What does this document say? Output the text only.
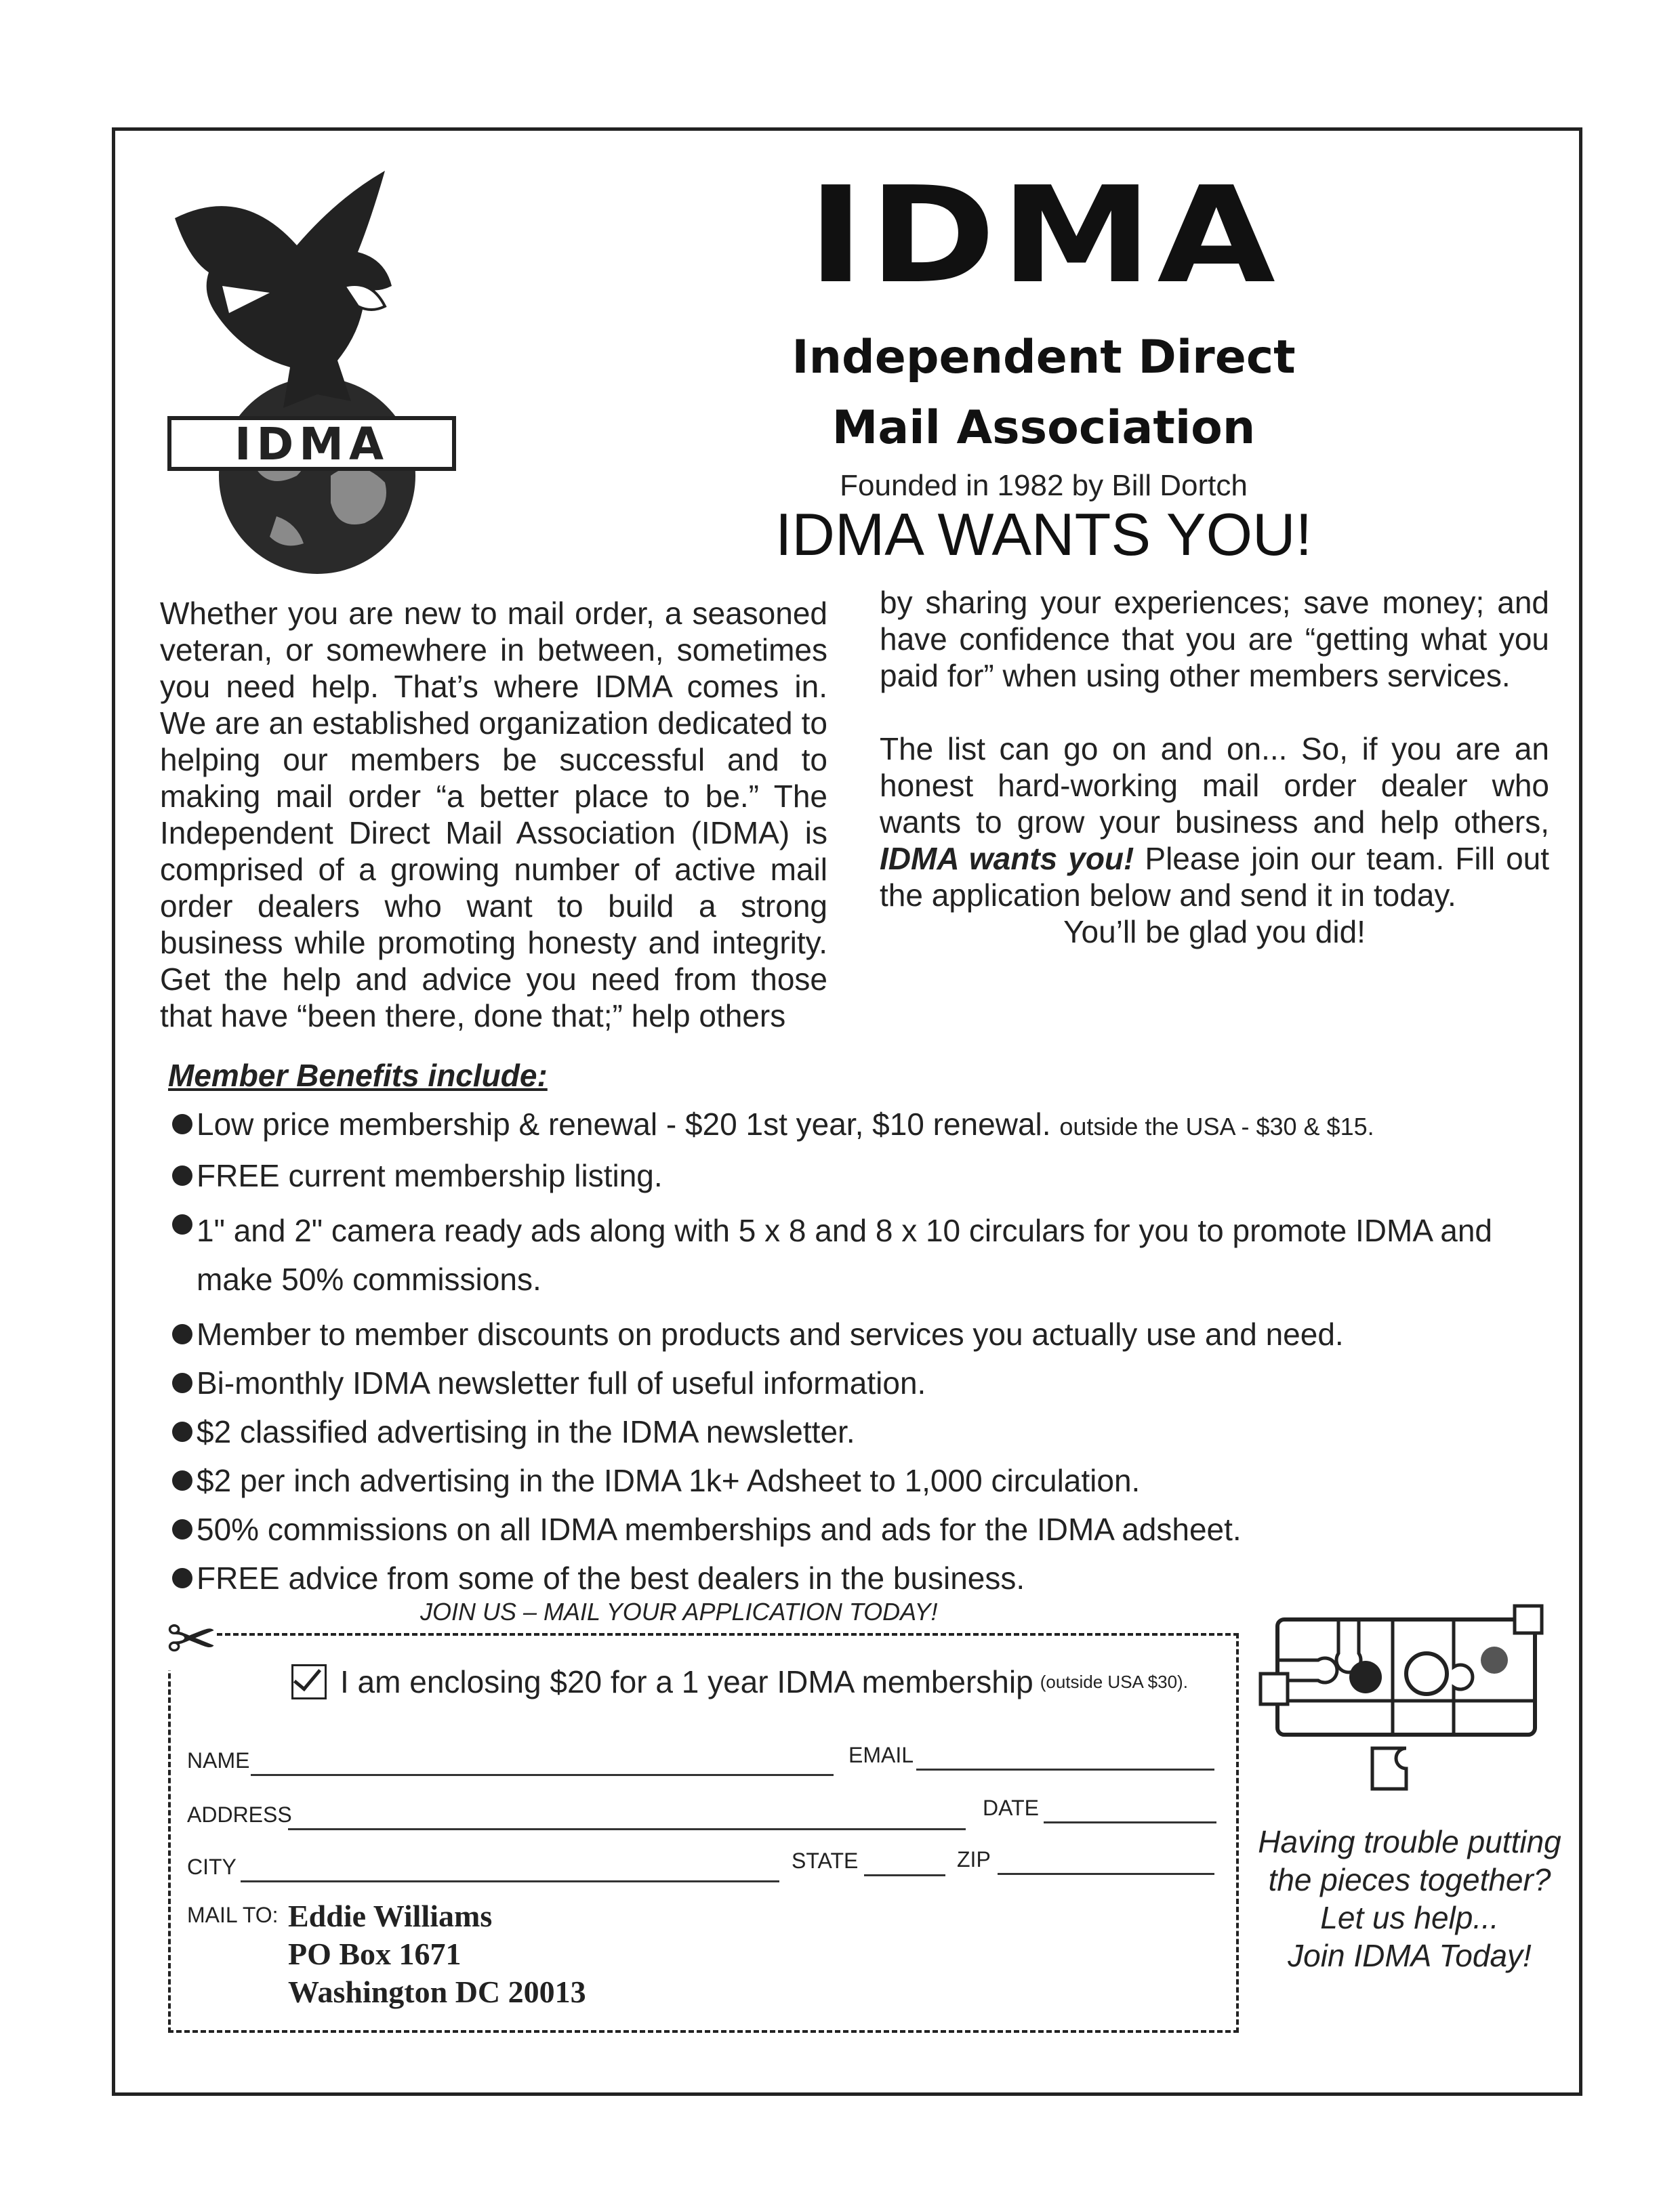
IDMA
IDMA
Independent Direct
Mail Association
Founded in 1982 by Bill Dortch
IDMA WANTS YOU!
Whether you are new to mail order, a seasoned veteran, or somewhere in between, sometimes you need help. That’s where IDMA comes in. We are an established organization dedicated to helping our members be successful and to making mail order “a better place to be.” The Independent Direct Mail Association (IDMA) is comprised of a growing number of active mail order dealers who want to build a strong business while promoting honesty and integrity. Get the help and advice you need from those that have “been there, done that;” help others

by sharing your experiences; save money; and have confidence that you are “getting what you paid for” when using other members services.

The list can go on and on... So, if you are an honest hard-working mail order dealer who wants to grow your business and help others, IDMA wants you! Please join our team. Fill out the application below and send it in today.
You’ll be glad you did!

Member Benefits include:
Low price membership & renewal - $20 1st year, $10 renewal. outside the USA - $30 & $15.
FREE current membership listing.
1" and 2" camera ready ads along with 5 x 8 and 8 x 10 circulars for you to promote IDMA and make 50% commissions.
Member to member discounts on products and services you actually use and need.
Bi-monthly IDMA newsletter full of useful information.
$2 classified advertising in the IDMA newsletter.
$2 per inch advertising in the IDMA 1k+ Adsheet to 1,000 circulation.
50% commissions on all IDMA memberships and ads for the IDMA adsheet.
FREE advice from some of the best dealers in the business.
JOIN US – MAIL YOUR APPLICATION TODAY!
✂
I am enclosing $20 for a 1 year IDMA membership (outside USA $30).
NAME	EMAIL
ADDRESS	DATE
CITY	STATE	ZIP
MAIL TO: Eddie Williams
PO Box 1671
Washington DC 20013
Having trouble putting
the pieces together?
Let us help...
Join IDMA Today!
